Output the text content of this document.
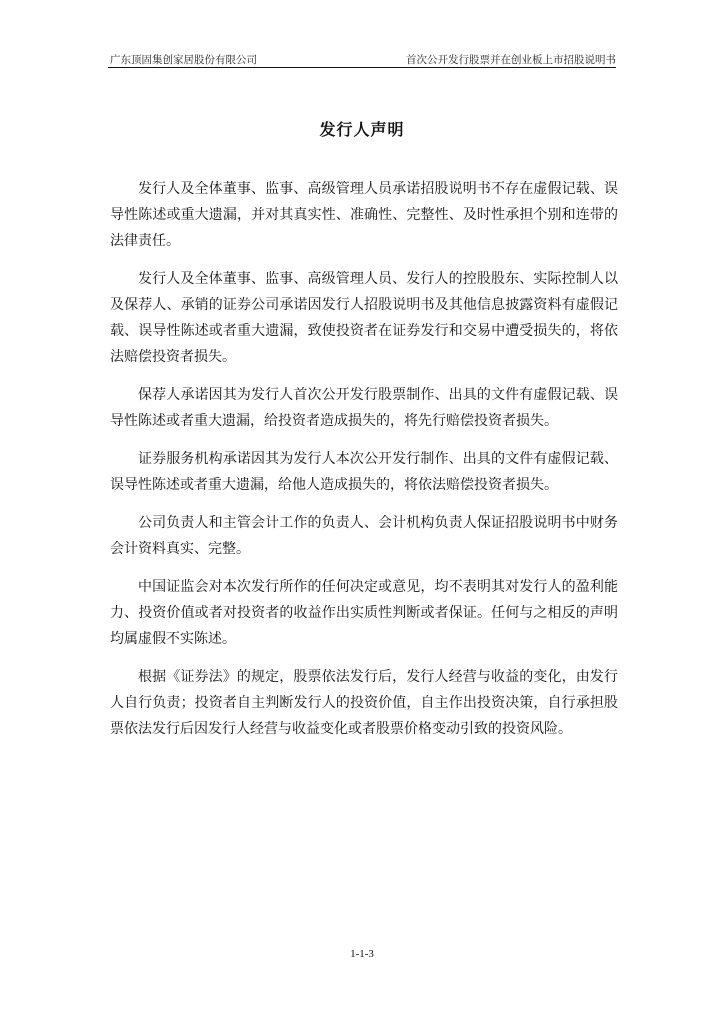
广东顶固集创家居股份有限公司	首次公开发行股票并在创业板上市招股说明书
发行人声明

发行人及全体董事、监事、高级管理人员承诺招股说明书不存在虚假记载、误导性陈述或重大遗漏，并对其真实性、准确性、完整性、及时性承担个别和连带的法律责任。

发行人及全体董事、监事、高级管理人员、发行人的控股股东、实际控制人以及保荐人、承销的证券公司承诺因发行人招股说明书及其他信息披露资料有虚假记载、误导性陈述或者重大遗漏，致使投资者在证券发行和交易中遭受损失的，将依法赔偿投资者损失。

保荐人承诺因其为发行人首次公开发行股票制作、出具的文件有虚假记载、误导性陈述或者重大遗漏，给投资者造成损失的，将先行赔偿投资者损失。

证券服务机构承诺因其为发行人本次公开发行制作、出具的文件有虚假记载、误导性陈述或者重大遗漏，给他人造成损失的，将依法赔偿投资者损失。

公司负责人和主管会计工作的负责人、会计机构负责人保证招股说明书中财务会计资料真实、完整。

中国证监会对本次发行所作的任何决定或意见，均不表明其对发行人的盈利能力、投资价值或者对投资者的收益作出实质性判断或者保证。任何与之相反的声明均属虚假不实陈述。

根据《证券法》的规定，股票依法发行后，发行人经营与收益的变化，由发行人自行负责；投资者自主判断发行人的投资价值，自主作出投资决策，自行承担股票依法发行后因发行人经营与收益变化或者股票价格变动引致的投资风险。

1-1-3
